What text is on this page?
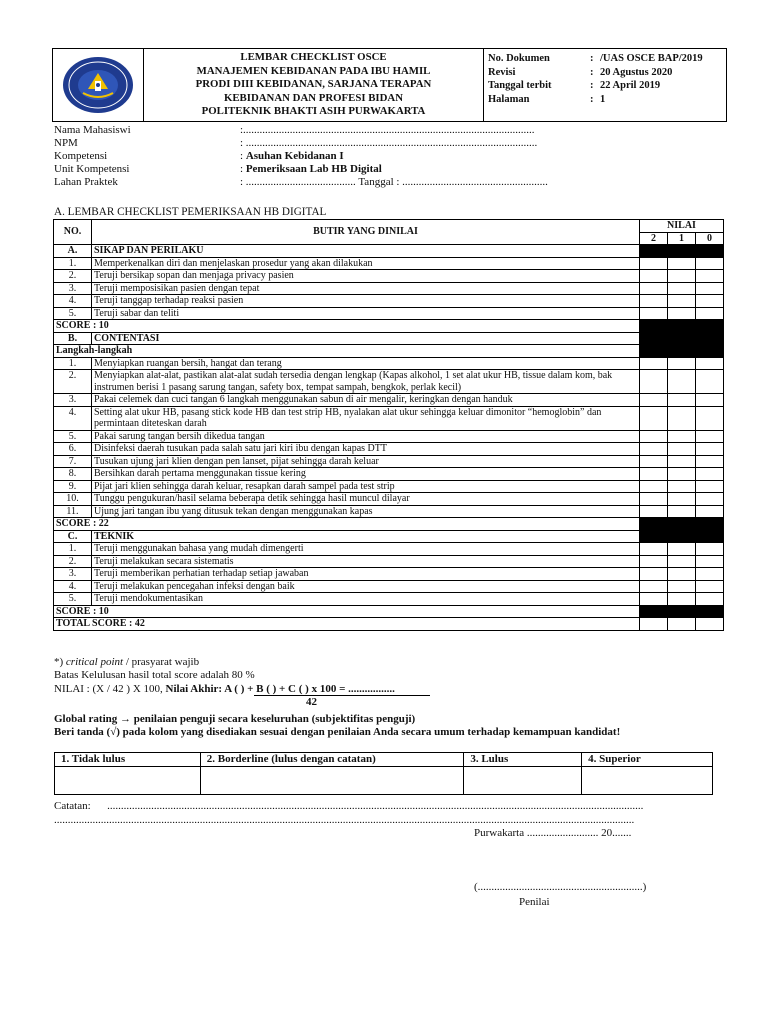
LEMBAR CHECKLIST OSCE
MANAJEMEN KEBIDANAN PADA IBU HAMIL
PRODI DIII KEBIDANAN, SARJANA TERAPAN
KEBIDANAN DAN PROFESI BIDAN
POLITEKNIK BHAKTI ASIH PURWAKARTA
No. Dokumen	: /UAS OSCE BAP/2019
Revisi	: 20 Agustus 2020
Tanggal terbit	: 22 April 2019
Halaman	: 1
Nama Mahasiswi	:..........................................................................................................
NPM	: ..........................................................................................................
Kompetensi	: Asuhan Kebidanan I
Unit Kompetensi	: Pemeriksaan Lab HB Digital
Lahan Praktek	: ........................................ Tanggal : .....................................................
A. LEMBAR CHECKLIST PEMERIKSAAN HB DIGITAL
NO.	BUTIR YANG DINILAI	NILAI		
		2	1	0
A.	SIKAP DAN PERILAKU			
1.	Memperkenalkan diri dan menjelaskan prosedur yang akan dilakukan			
2.	Teruji bersikap sopan dan menjaga privacy pasien			
3.	Teruji memposisikan pasien dengan tepat			
4.	Teruji tanggap terhadap reaksi pasien			
5.	Teruji sabar dan teliti			
SCORE : 10				
B.	CONTENTASI			
Langkah-langkah				
1.	Menyiapkan ruangan bersih, hangat dan terang			
2.	Menyiapkan alat-alat, pastikan alat-alat sudah tersedia dengan lengkap (Kapas alkohol, 1 set alat ukur HB, tissue dalam kom, bak instrumen berisi 1 pasang sarung tangan, safety box, tempat sampah, bengkok, perlak kecil)			
3.	Pakai celemek dan cuci tangan 6 langkah menggunakan sabun di air mengalir, keringkan dengan handuk			
4.	Setting alat ukur HB, pasang stick kode HB dan test strip HB, nyalakan alat ukur sehingga keluar dimonitor “hemoglobin” dan permintaan diteteskan darah			
5.	Pakai sarung tangan bersih dikedua tangan			
6.	Disinfeksi daerah tusukan pada salah satu jari kiri ibu dengan kapas DTT			
7.	Tusukan ujung jari klien dengan pen lanset, pijat sehingga darah keluar			
8.	Bersihkan darah pertama menggunakan tissue kering			
9.	Pijat jari klien sehingga darah keluar, resapkan darah sampel pada test strip			
10.	Tunggu pengukuran/hasil selama beberapa detik sehingga hasil muncul dilayar			
11.	Ujung jari tangan ibu yang ditusuk tekan dengan menggunakan kapas			
SCORE : 22				
C.	TEKNIK			
1.	Teruji menggunakan bahasa yang mudah dimengerti			
2.	Teruji melakukan secara sistematis			
3.	Teruji memberikan perhatian terhadap setiap jawaban			
4.	Teruji melakukan pencegahan infeksi dengan baik			
5.	Teruji mendokumentasikan			
SCORE : 10				
TOTAL SCORE : 42				
*) critical point / prasyarat wajib
Batas Kelulusan hasil total score adalah 80 %
NILAI : (X / 42 ) X 100, Nilai Akhir: A ( ) + B ( ) + C ( ) x 100 = .................
42
Global rating → penilaian penguji secara keseluruhan (subjektifitas penguji)
Beri tanda (√) pada kolom yang disediakan sesuai dengan penilaian Anda secara umum terhadap kemampuan kandidat!
1. Tidak lulus	2. Borderline (lulus dengan catatan)	3. Lulus	4. Superior

Catatan: ...................................................................................................................................................................................................
...................................................................................................................................................................................................................
Purwakarta .......................... 20.......
(............................................................)
Penilai
